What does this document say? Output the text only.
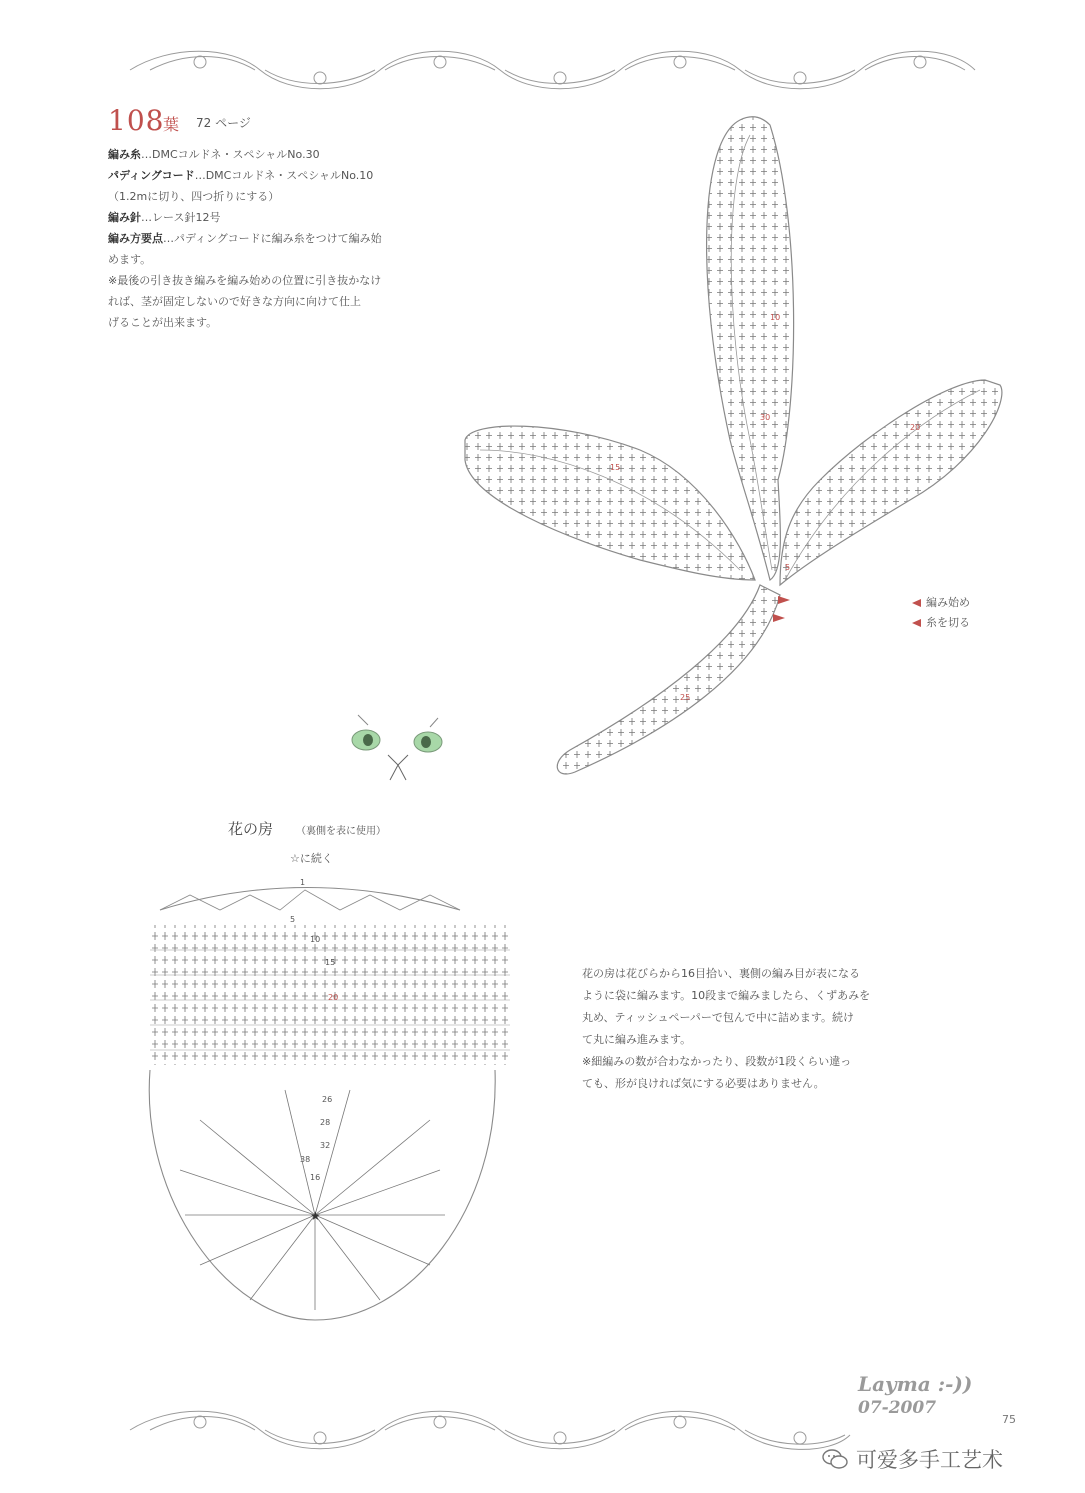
108
葉 72 ページ
編み糸…DMCコルドネ・スペシャルNo.30
パディングコード…DMCコルドネ・スペシャルNo.10
（1.2mに切り、四つ折りにする）
編み針…レース針12号
編み方要点…パディングコードに編み糸をつけて編み始
めます。
※最後の引き抜き編みを編み始めの位置に引き抜かなけ
れば、茎が固定しないので好きな方向に向けて仕上
げることが出来ます。
5
10
15
20
25
30
編み始め
糸を切る
花の房 （裏側を表に使用）
☆に続く
★
1
5
10
15
20
26
28
32
38
16
花の房は花びらから16目拾い、裏側の編み目が表になる
ように袋に編みます。10段まで編みましたら、くずあみを
丸め、ティッシュペーパーで包んで中に詰めます。続け
て丸に編み進みます。
※細編みの数が合わなかったり、段数が1段くらい違っ
ても、形が良ければ気にする必要はありません。
Layma :-))
07-2007
75
可爱多手工艺术
